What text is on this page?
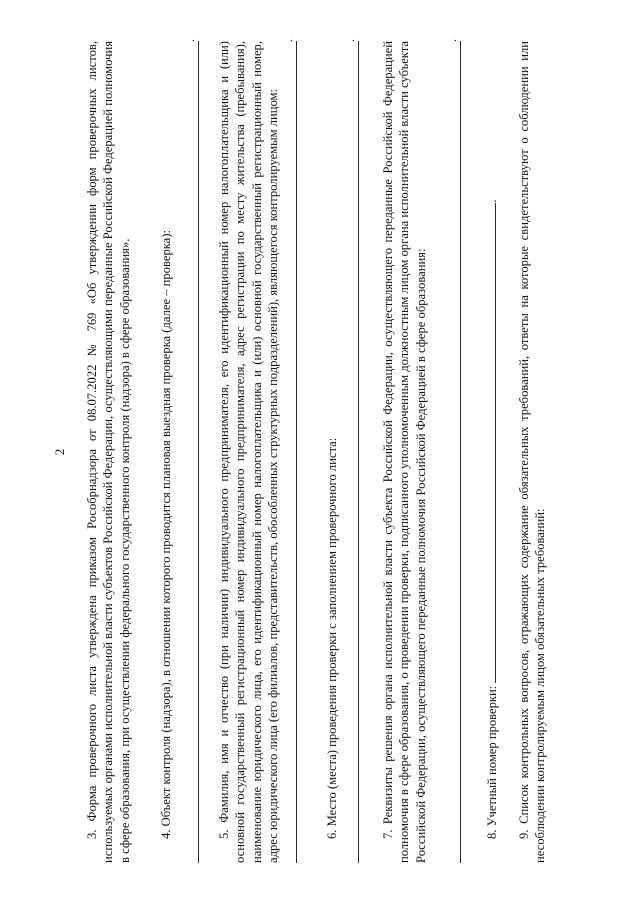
2 3. Форма проверочного листа утверждена приказом Рособрнадзора от 08.07.2022 № 769 «Об утверждении форм проверочных листов, используемых органами исполнительной власти субъектов Российской Федерации, осуществляющими переданные Российской Федерацией полномочия в сфере образования, при осуществлении федерального государственного контроля (надзора) в сфере образования». 4. Объект контроля (надзора), в отношении которого проводится плановая выездная проверка (далее – проверка):

.

5. Фамилия, имя и отчество (при наличии) индивидуального предпринимателя, его идентификационный номер налогоплательщика и (или) основной государственный регистрационный номер индивидуального предпринимателя, адрес регистрации по месту жительства (пребывания), наименование юридического лица, его идентификационный номер налогоплательщика и (или) основной государственный регистрационный номер, адрес юридического лица (его филиалов, представительств, обособленных структурных подразделений), являющегося контролируемым лицом:

.

6. Место (места) проведения проверки с заполнением проверочного листа:

.

7. Реквизиты решения органа исполнительной власти субъекта Российской Федерации, осуществляющего переданные Российской Федерацией полномочия в сфере образования, о проведении проверки, подписанного уполномоченным должностным лицом органа исполнительной власти субъекта Российской Федерации, осуществляющего переданные полномочия Российской Федерацией в сфере образования:

.

8. Учетный номер проверки: . 9. Список контрольных вопросов, отражающих содержание обязательных требований, ответы на которые свидетельствуют о соблюдении или несоблюдении контролируемым лицом обязательных требований:
